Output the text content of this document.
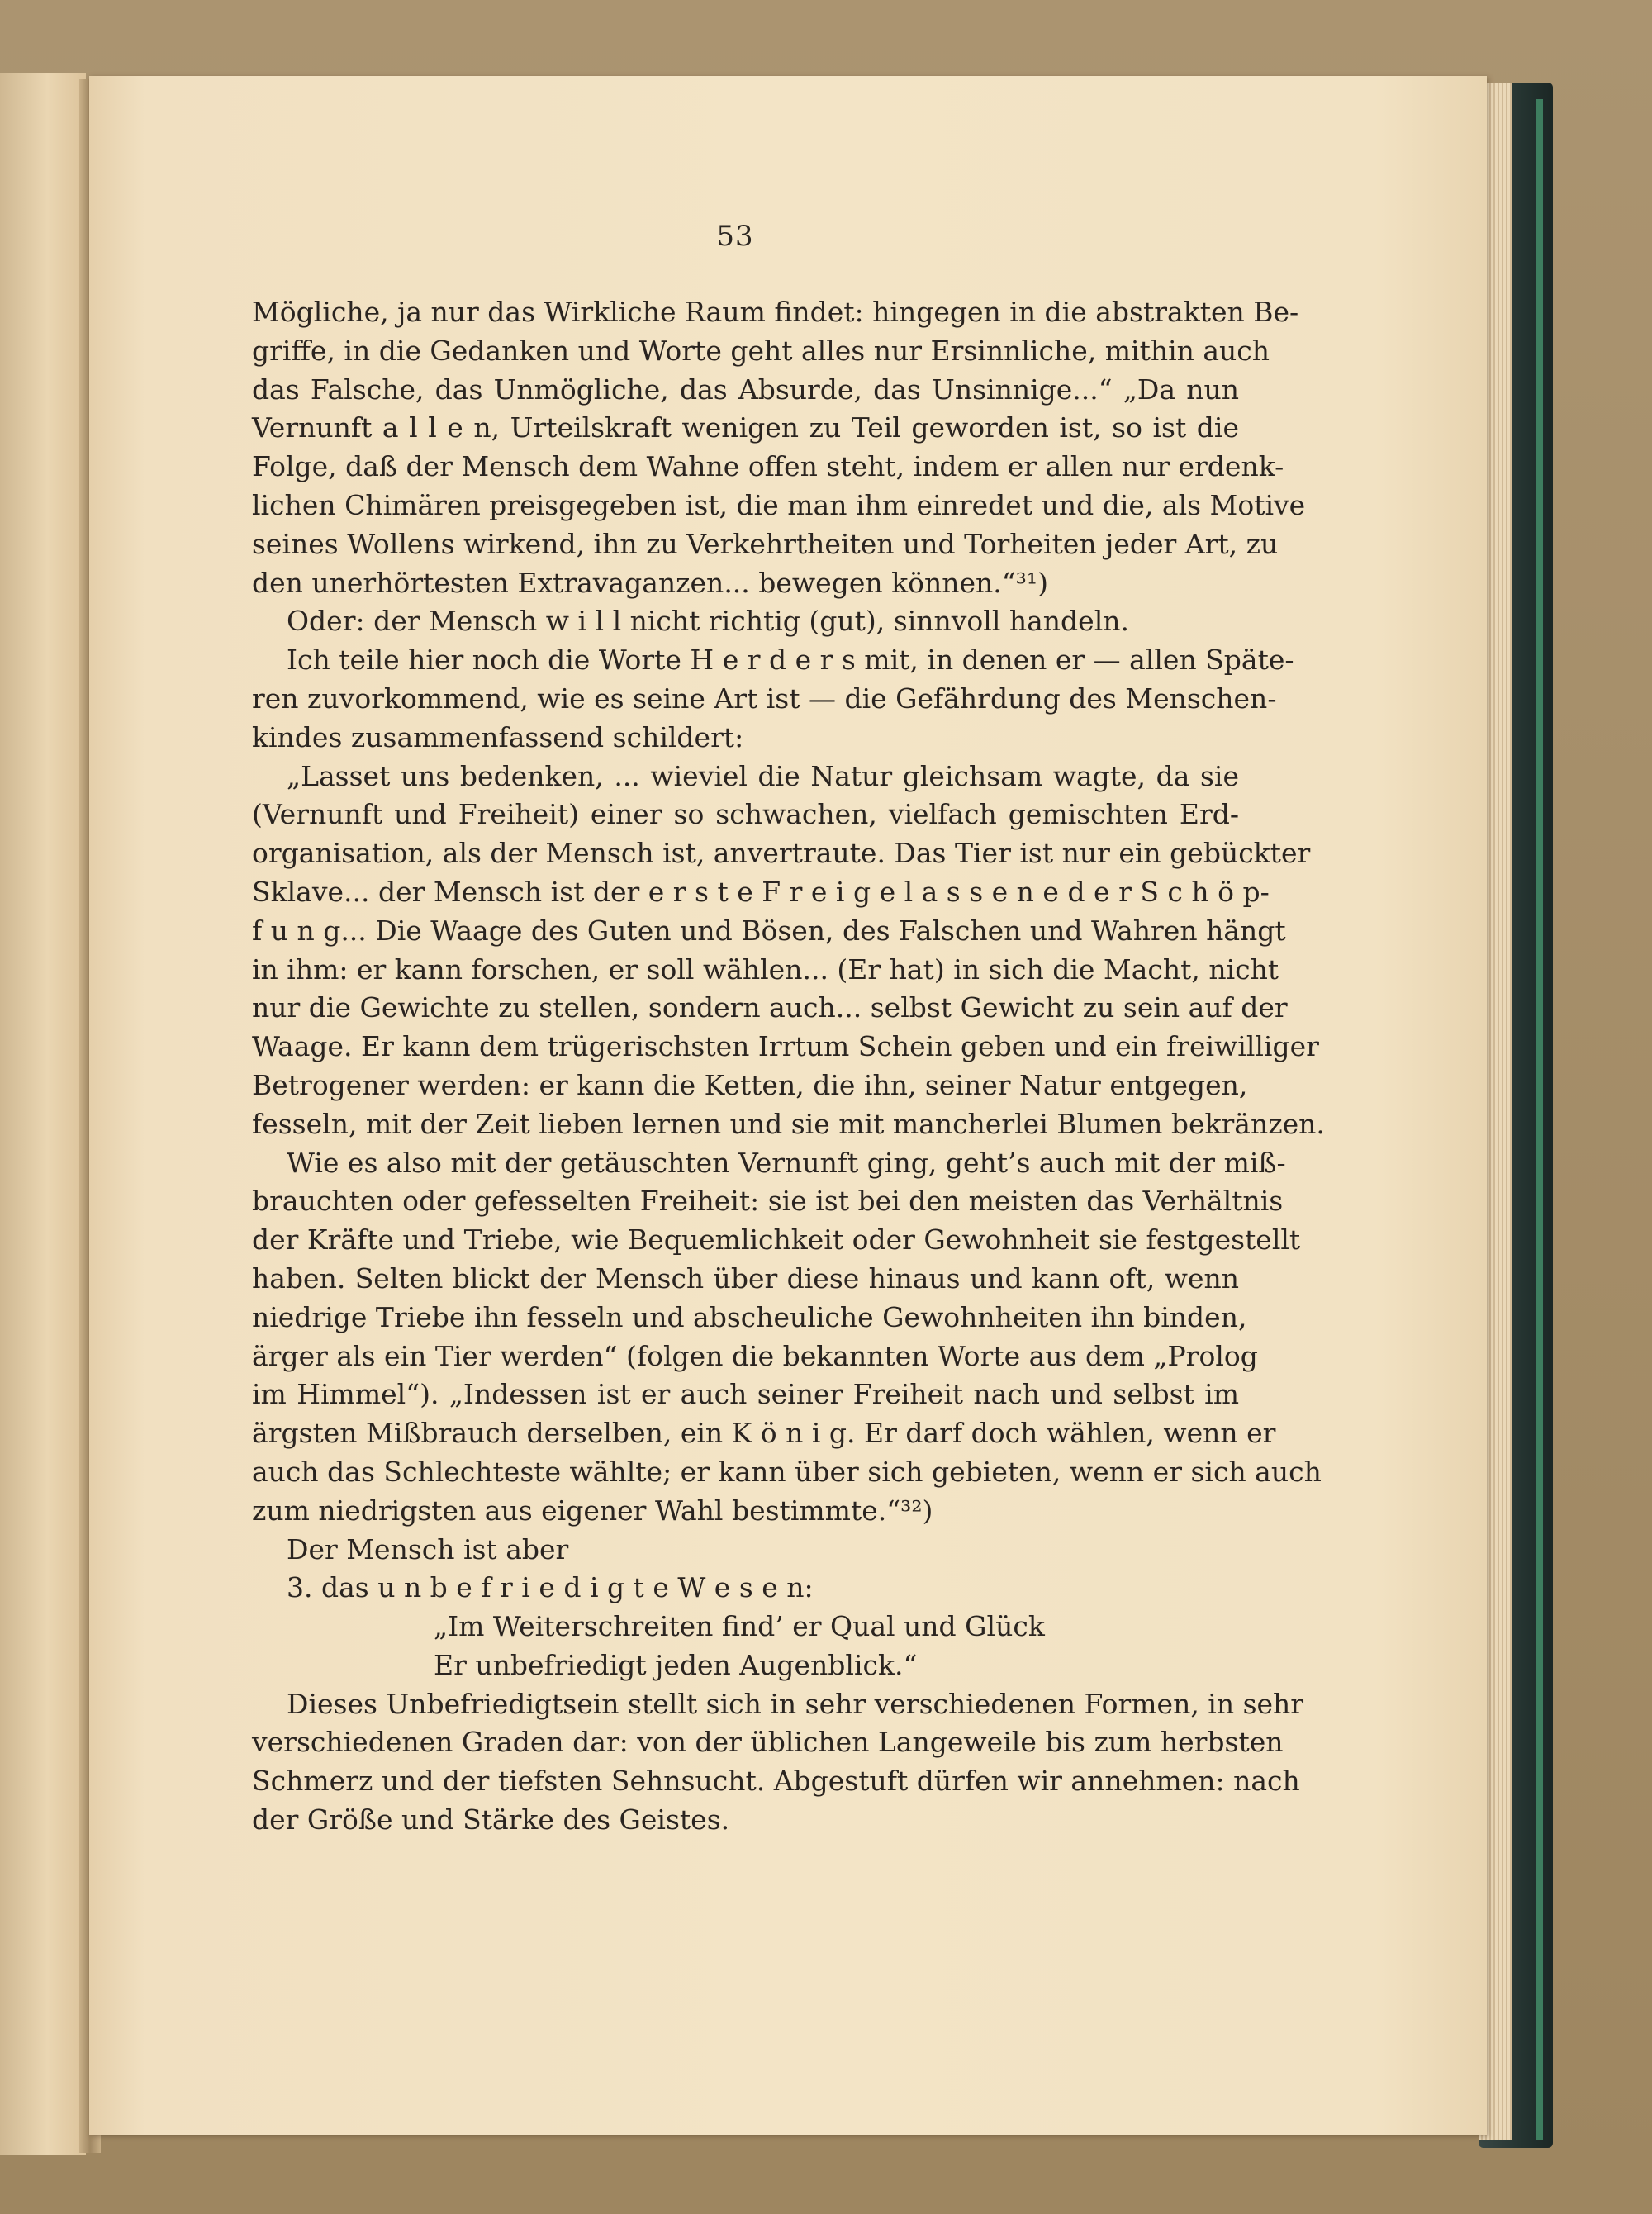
53
Mögliche, ja nur das Wirkliche Raum findet: hingegen in die abstrakten Be-
griffe, in die Gedanken und Worte geht alles nur Ersinnliche, mithin auch
das Falsche, das Unmögliche, das Absurde, das Unsinnige...“ „Da nun
Vernunft a l l e n, Urteilskraft wenigen zu Teil geworden ist, so ist die
Folge, daß der Mensch dem Wahne offen steht, indem er allen nur erdenk-
lichen Chimären preisgegeben ist, die man ihm einredet und die, als Motive
seines Wollens wirkend, ihn zu Verkehrtheiten und Torheiten jeder Art, zu
den unerhörtesten Extravaganzen... bewegen können.“³¹)
Oder: der Mensch w i l l nicht richtig (gut), sinnvoll handeln.
Ich teile hier noch die Worte H e r d e r s mit, in denen er — allen Späte-
ren zuvorkommend, wie es seine Art ist — die Gefährdung des Menschen-
kindes zusammenfassend schildert:
„Lasset uns bedenken, ... wieviel die Natur gleichsam wagte, da sie
(Vernunft und Freiheit) einer so schwachen, vielfach gemischten Erd-
organisation, als der Mensch ist, anvertraute. Das Tier ist nur ein gebückter
Sklave... der Mensch ist der e r s t e F r e i g e l a s s e n e d e r S c h ö p-
f u n g... Die Waage des Guten und Bösen, des Falschen und Wahren hängt
in ihm: er kann forschen, er soll wählen... (Er hat) in sich die Macht, nicht
nur die Gewichte zu stellen, sondern auch... selbst Gewicht zu sein auf der
Waage. Er kann dem trügerischsten Irrtum Schein geben und ein freiwilliger
Betrogener werden: er kann die Ketten, die ihn, seiner Natur entgegen,
fesseln, mit der Zeit lieben lernen und sie mit mancherlei Blumen bekränzen.
Wie es also mit der getäuschten Vernunft ging, geht’s auch mit der miß-
brauchten oder gefesselten Freiheit: sie ist bei den meisten das Verhältnis
der Kräfte und Triebe, wie Bequemlichkeit oder Gewohnheit sie festgestellt
haben. Selten blickt der Mensch über diese hinaus und kann oft, wenn
niedrige Triebe ihn fesseln und abscheuliche Gewohnheiten ihn binden,
ärger als ein Tier werden“ (folgen die bekannten Worte aus dem „Prolog
im Himmel“). „Indessen ist er auch seiner Freiheit nach und selbst im
ärgsten Mißbrauch derselben, ein K ö n i g. Er darf doch wählen, wenn er
auch das Schlechteste wählte; er kann über sich gebieten, wenn er sich auch
zum niedrigsten aus eigener Wahl bestimmte.“³²)
Der Mensch ist aber
3. das u n b e f r i e d i g t e W e s e n:
„Im Weiterschreiten find’ er Qual und Glück
Er unbefriedigt jeden Augenblick.“
Dieses Unbefriedigtsein stellt sich in sehr verschiedenen Formen, in sehr
verschiedenen Graden dar: von der üblichen Langeweile bis zum herbsten
Schmerz und der tiefsten Sehnsucht. Abgestuft dürfen wir annehmen: nach
der Größe und Stärke des Geistes.
